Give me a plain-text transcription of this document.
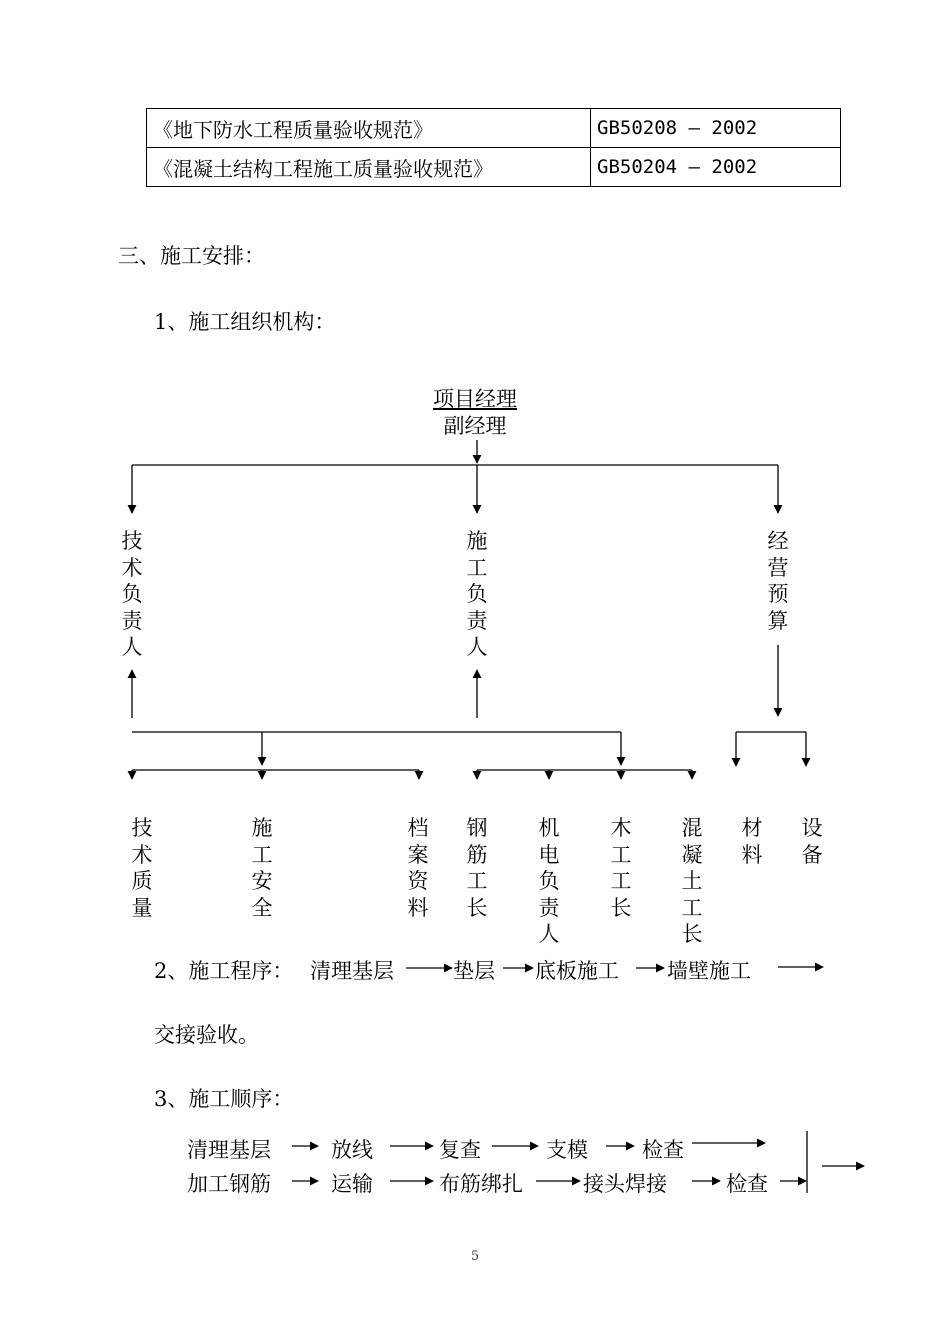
《地下防水工程质量验收规范》	GB50208 – 2002
《混凝土结构工程施工质量验收规范》	GB50204 – 2002
三、施工安排：
1、施工组织机构：
项目经理
副经理
技
术
负
责
人
施
工
负
责
人
经
营
预
算
技
术
质
量
施
工
安
全
档
案
资
料
钢
筋
工
长
机
电
负
责
人
木
工
工
长
混
凝
土
工
长
材
料
设
备
2、施工程序： 清理基层	垫层 底板施工 墙壁施工
交接验收。
3、施工顺序：
清理基层	放线	复查	支模	检查
加工钢筋	运输	布筋绑扎	接头焊接	检查
5
